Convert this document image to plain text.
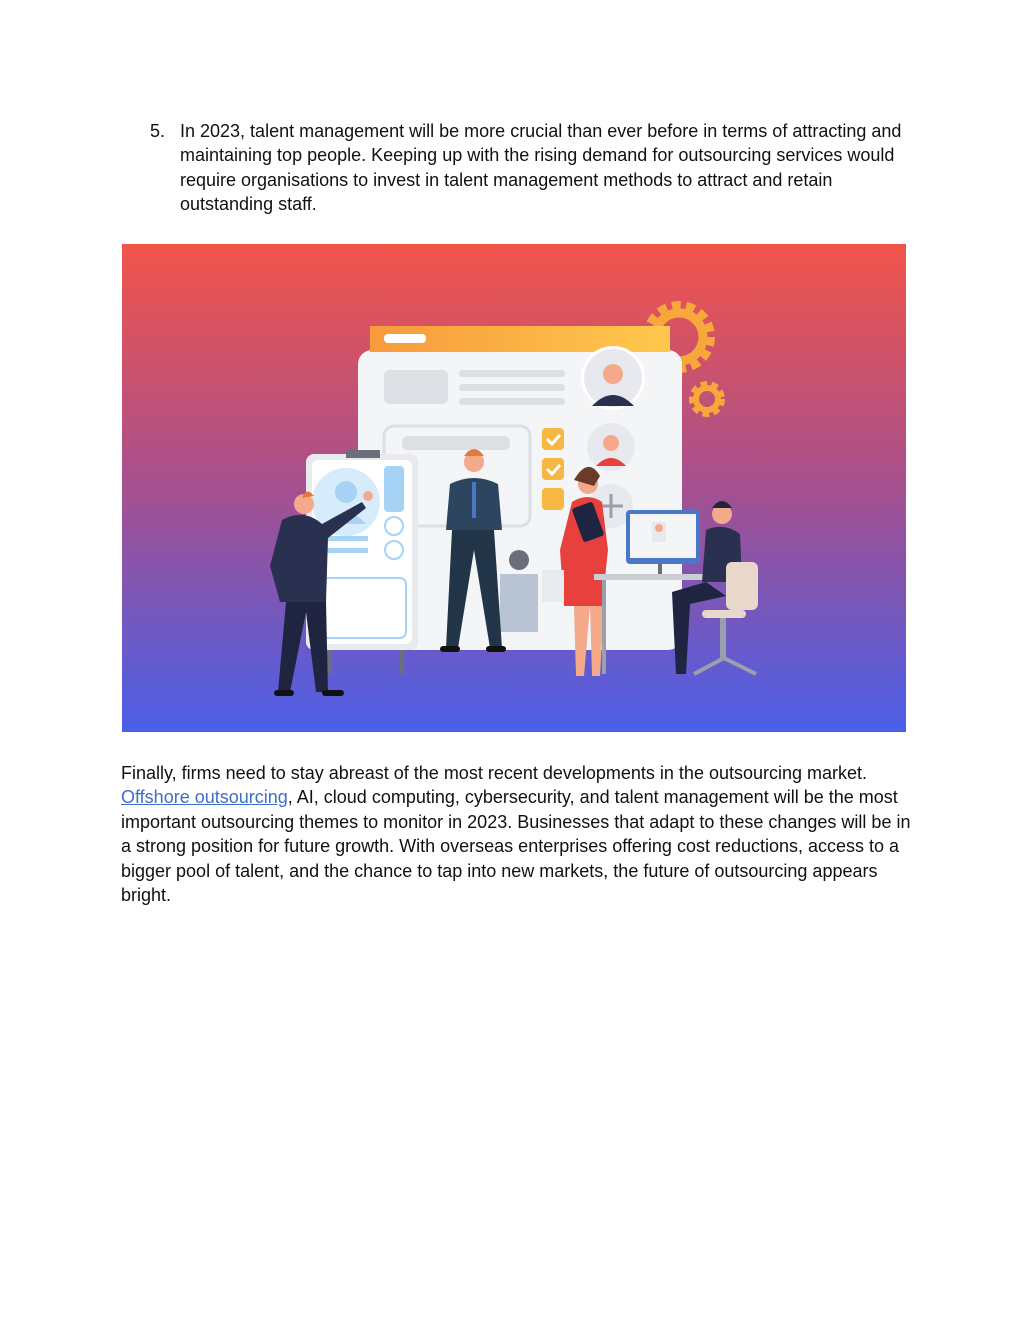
5. In 2023, talent management will be more crucial than ever before in terms of attracting and maintaining top people. Keeping up with the rising demand for outsourcing services would require organisations to invest in talent management methods to attract and retain outstanding staff.

Finally, firms need to stay abreast of the most recent developments in the outsourcing market.
Offshore outsourcing, AI, cloud computing, cybersecurity, and talent management will be the most important outsourcing themes to monitor in 2023. Businesses that adapt to these changes will be in a strong position for future growth. With overseas enterprises offering cost reductions, access to a bigger pool of talent, and the chance to tap into new markets, the future of outsourcing appears bright.
